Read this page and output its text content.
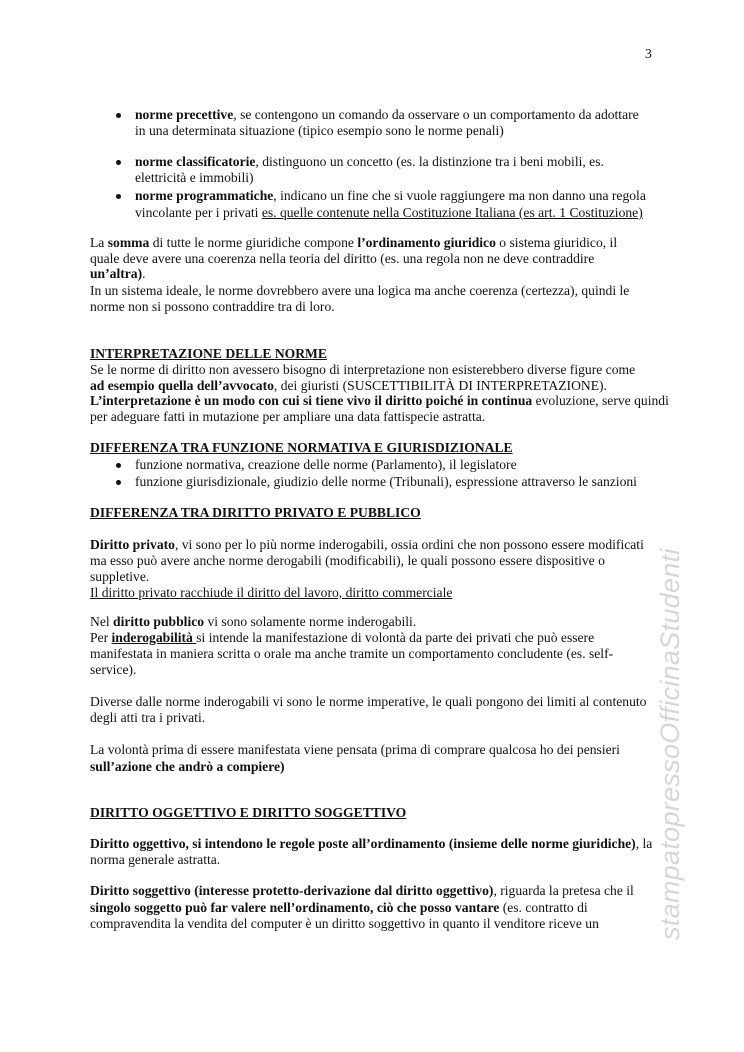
3
norme precettive, se contengono un comando da osservare o un comportamento da adottare
in una determinata situazione (tipico esempio sono le norme penali)
norme classificatorie, distinguono un concetto (es. la distinzione tra i beni mobili, es.
elettricità e immobili)
norme programmatiche, indicano un fine che si vuole raggiungere ma non danno una regola
vincolante per i privati es. quelle contenute nella Costituzione Italiana (es art. 1 Costituzione)
La somma di tutte le norme giuridiche compone l’ordinamento giuridico o sistema giuridico, il
quale deve avere una coerenza nella teoria del diritto (es. una regola non ne deve contraddire
un’altra).
In un sistema ideale, le norme dovrebbero avere una logica ma anche coerenza (certezza), quindi le
norme non si possono contraddire tra di loro.
INTERPRETAZIONE DELLE NORME
Se le norme di diritto non avessero bisogno di interpretazione non esisterebbero diverse figure come
ad esempio quella dell’avvocato, dei giuristi (SUSCETTIBILITÀ DI INTERPRETAZIONE).
L’interpretazione è un modo con cui si tiene vivo il diritto poiché in continua evoluzione, serve quindi
per adeguare fatti in mutazione per ampliare una data fattispecie astratta.
DIFFERENZA TRA FUNZIONE NORMATIVA E GIURISDIZIONALE
funzione normativa, creazione delle norme (Parlamento), il legislatore
funzione giurisdizionale, giudizio delle norme (Tribunali), espressione attraverso le sanzioni
DIFFERENZA TRA DIRITTO PRIVATO E PUBBLICO
Diritto privato, vi sono per lo più norme inderogabili, ossia ordini che non possono essere modificati
ma esso può avere anche norme derogabili (modificabili), le quali possono essere dispositive o
suppletive.
Il diritto privato racchiude il diritto del lavoro, diritto commerciale
Nel diritto pubblico vi sono solamente norme inderogabili.
Per inderogabilità si intende la manifestazione di volontà da parte dei privati che può essere
manifestata in maniera scritta o orale ma anche tramite un comportamento concludente (es. self-
service).
Diverse dalle norme inderogabili vi sono le norme imperative, le quali pongono dei limiti al contenuto
degli atti tra i privati.
La volontà prima di essere manifestata viene pensata (prima di comprare qualcosa ho dei pensieri
sull’azione che andrò a compiere)
DIRITTO OGGETTIVO E DIRITTO SOGGETTIVO
Diritto oggettivo, si intendono le regole poste all’ordinamento (insieme delle norme giuridiche), la
norma generale astratta.
Diritto soggettivo (interesse protetto-derivazione dal diritto oggettivo), riguarda la pretesa che il
singolo soggetto può far valere nell’ordinamento, ciò che posso vantare (es. contratto di
compravendita la vendita del computer è un diritto soggettivo in quanto il venditore riceve un stampatopressoOfficinaStudenti
